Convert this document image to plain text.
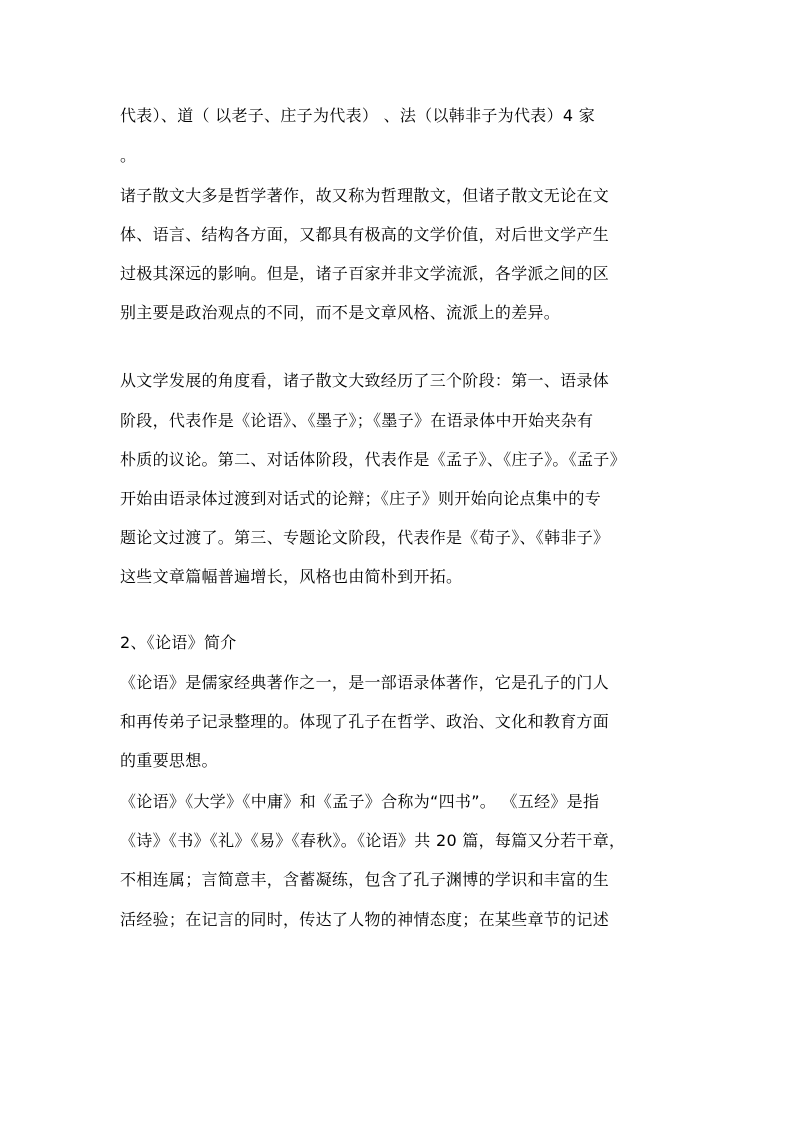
代表）、道（ 以老子、庄子为代表） 、法（以韩非子为代表）4 家
。
诸子散文大多是哲学著作，故又称为哲理散文，但诸子散文无论在文
体、语言、结构各方面，又都具有极高的文学价值，对后世文学产生
过极其深远的影响。但是，诸子百家并非文学流派，各学派之间的区
别主要是政治观点的不同，而不是文章风格、流派上的差异。
从文学发展的角度看，诸子散文大致经历了三个阶段：第一、语录体
阶段，代表作是《论语》、《墨子》；《墨子》在语录体中开始夹杂有
朴质的议论。第二、对话体阶段，代表作是《孟子》、《庄子》。《孟子》
开始由语录体过渡到对话式的论辩；《庄子》则开始向论点集中的专
题论文过渡了。第三、专题论文阶段，代表作是《荀子》、《韩非子》
这些文章篇幅普遍增长，风格也由简朴到开拓。
2、《论语》简介
《论语》是儒家经典著作之一，是一部语录体著作，它是孔子的门人
和再传弟子记录整理的。体现了孔子在哲学、政治、文化和教育方面
的重要思想。
《论语》《大学》《中庸》和《孟子》合称为“四书”。 《五经》是指
《诗》《书》《礼》《易》《春秋》。《论语》共 20 篇，每篇又分若干章，
不相连属；言简意丰，含蓄凝练，包含了孔子渊博的学识和丰富的生
活经验；在记言的同时，传达了人物的神情态度；在某些章节的记述
